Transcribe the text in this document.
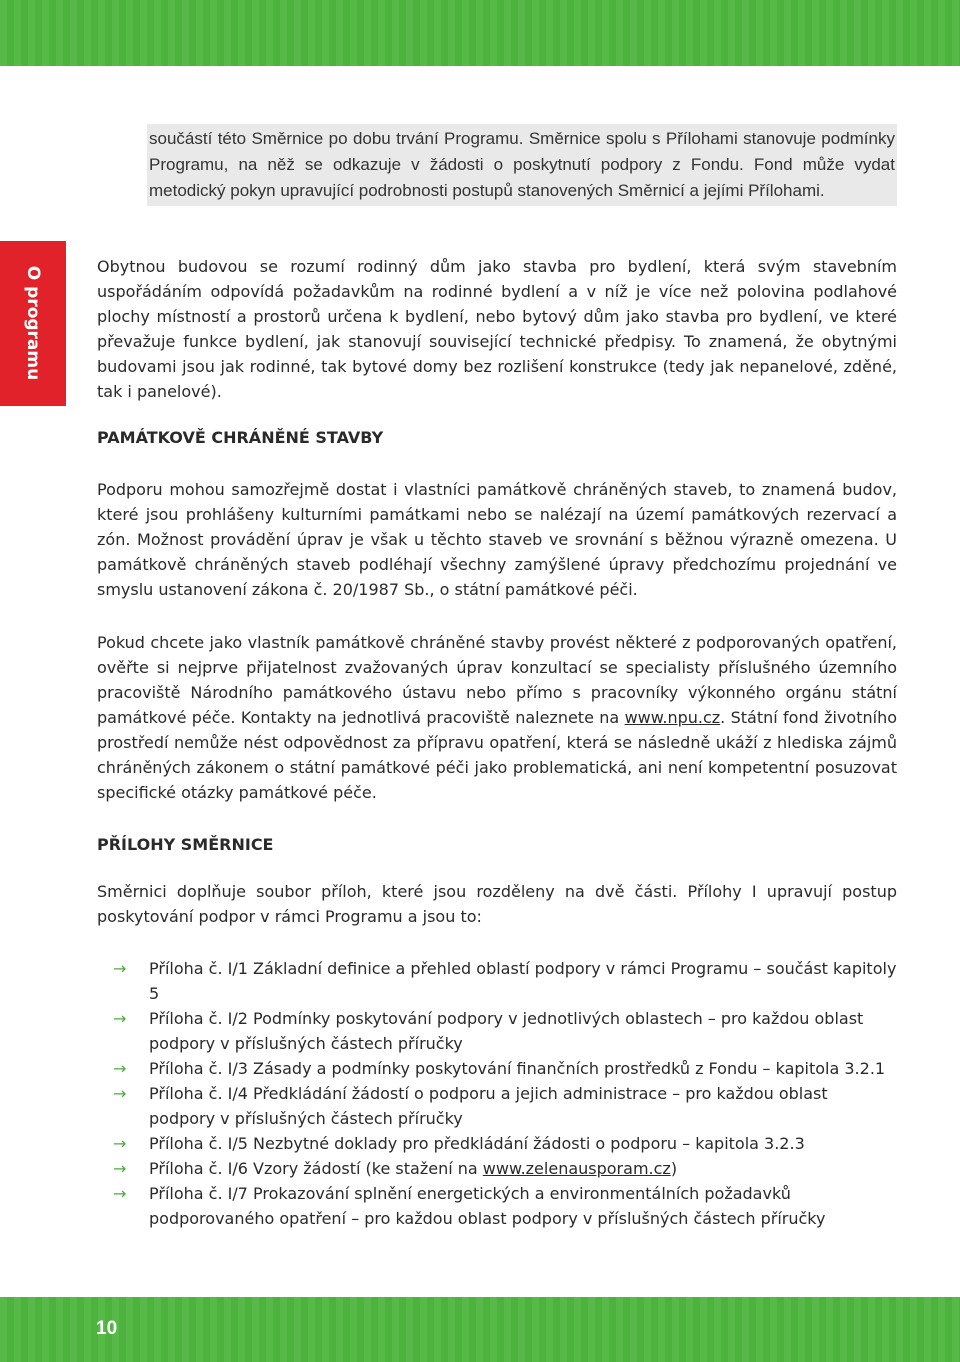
O programu
součástí této Směrnice po dobu trvání Programu. Směrnice spolu s Přílohami stanovuje podmínky Programu, na něž se odkazuje v žádosti o poskytnutí podpory z Fondu. Fond může vydat metodický pokyn upravující podrobnosti postupů stanovených Směrnicí a jejími Přílohami.

Obytnou budovou se rozumí rodinný dům jako stavba pro bydlení, která svým stavebním uspořádáním odpovídá požadavkům na rodinné bydlení a v níž je více než polovina podlahové plochy místností a prostorů určena k bydlení, nebo bytový dům jako stavba pro bydlení, ve které převažuje funkce bydlení, jak stanovují související technické předpisy. To znamená, že obytnými budovami jsou jak rodinné, tak bytové domy bez rozlišení konstrukce (tedy jak nepanelové, zděné, tak i panelové).

PAMÁTKOVĚ CHRÁNĚNÉ STAVBY

Podporu mohou samozřejmě dostat i vlastníci památkově chráněných staveb, to znamená budov, které jsou prohlášeny kulturními památkami nebo se nalézají na území památkových rezervací a zón. Možnost provádění úprav je však u těchto staveb ve srovnání s běžnou výrazně omezena. U památkově chráněných staveb podléhají všechny zamýšlené úpravy předchozímu projednání ve smyslu ustanovení zákona č. 20/1987 Sb., o státní památkové péči.

Pokud chcete jako vlastník památkově chráněné stavby provést některé z podporovaných opatření, ověřte si nejprve přijatelnost zvažovaných úprav konzultací se specialisty příslušného územního pracoviště Národního památkového ústavu nebo přímo s pracovníky výkonného orgánu státní památkové péče. Kontakty na jednotlivá pracoviště naleznete na www.npu.cz. Státní fond životního prostředí nemůže nést odpovědnost za přípravu opatření, která se následně ukáží z hlediska zájmů chráněných zákonem o státní památkové péči jako problematická, ani není kompetentní posuzovat specifické otázky památkové péče.

PŘÍLOHY SMĚRNICE

Směrnici doplňuje soubor příloh, které jsou rozděleny na dvě části. Přílohy I upravují postup poskytování podpor v rámci Programu a jsou to:

→ Příloha č. I/1 Základní definice a přehled oblastí podpory v rámci Programu – součást kapitoly 5
→ Příloha č. I/2 Podmínky poskytování podpory v jednotlivých oblastech – pro každou oblast podpory v příslušných částech příručky
→ Příloha č. I/3 Zásady a podmínky poskytování finančních prostředků z Fondu – kapitola 3.2.1
→ Příloha č. I/4 Předkládání žádostí o podporu a jejich administrace – pro každou oblast podpory v příslušných částech příručky
→ Příloha č. I/5 Nezbytné doklady pro předkládání žádosti o podporu – kapitola 3.2.3
→ Příloha č. I/6 Vzory žádostí (ke stažení na www.zelenausporam.cz)
→ Příloha č. I/7 Prokazování splnění energetických a environmentálních požadavků podporovaného opatření – pro každou oblast podpory v příslušných částech příručky
10
